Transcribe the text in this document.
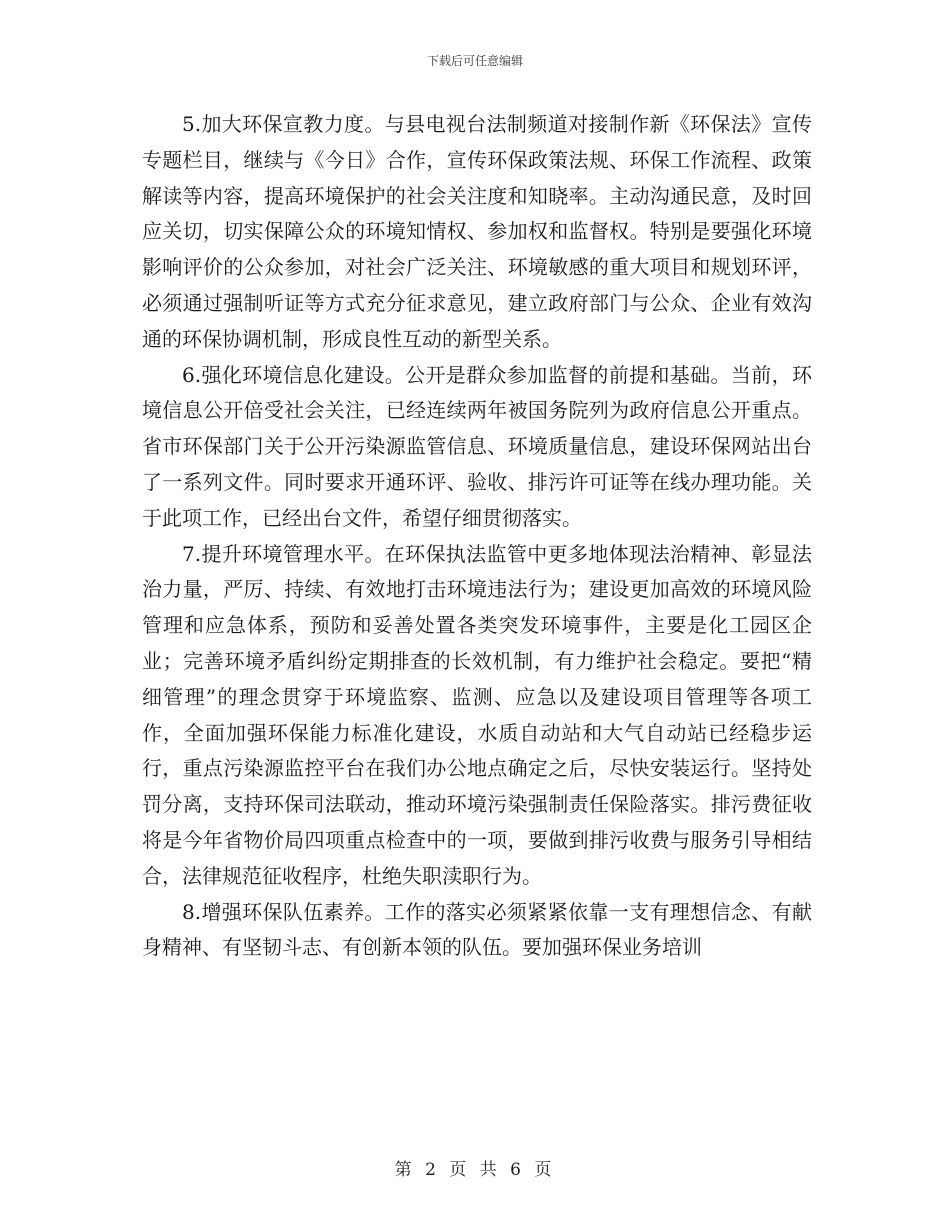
下载后可任意编辑

5.加大环保宣教力度。与县电视台法制频道对接制作新《环保法》宣传专题栏目，继续与《今日》合作，宣传环保政策法规、环保工作流程、政策解读等内容，提高环境保护的社会关注度和知晓率。主动沟通民意，及时回应关切，切实保障公众的环境知情权、参加权和监督权。特别是要强化环境影响评价的公众参加，对社会广泛关注、环境敏感的重大项目和规划环评，必须通过强制听证等方式充分征求意见，建立政府部门与公众、企业有效沟通的环保协调机制，形成良性互动的新型关系。

6.强化环境信息化建设。公开是群众参加监督的前提和基础。当前，环境信息公开倍受社会关注，已经连续两年被国务院列为政府信息公开重点。省市环保部门关于公开污染源监管信息、环境质量信息，建设环保网站出台了一系列文件。同时要求开通环评、验收、排污许可证等在线办理功能。关于此项工作，已经出台文件，希望仔细贯彻落实。

7.提升环境管理水平。在环保执法监管中更多地体现法治精神、彰显法治力量，严厉、持续、有效地打击环境违法行为；建设更加高效的环境风险管理和应急体系，预防和妥善处置各类突发环境事件，主要是化工园区企业；完善环境矛盾纠纷定期排查的长效机制，有力维护社会稳定。要把“精细管理”的理念贯穿于环境监察、监测、应急以及建设项目管理等各项工作，全面加强环保能力标准化建设，水质自动站和大气自动站已经稳步运行，重点污染源监控平台在我们办公地点确定之后，尽快安装运行。坚持处罚分离，支持环保司法联动，推动环境污染强制责任保险落实。排污费征收将是今年省物价局四项重点检查中的一项，要做到排污收费与服务引导相结合，法律规范征收程序，杜绝失职渎职行为。

8.增强环保队伍素养。工作的落实必须紧紧依靠一支有理想信念、有献身精神、有坚韧斗志、有创新本领的队伍。要加强环保业务培训

第 2 页 共 6 页
